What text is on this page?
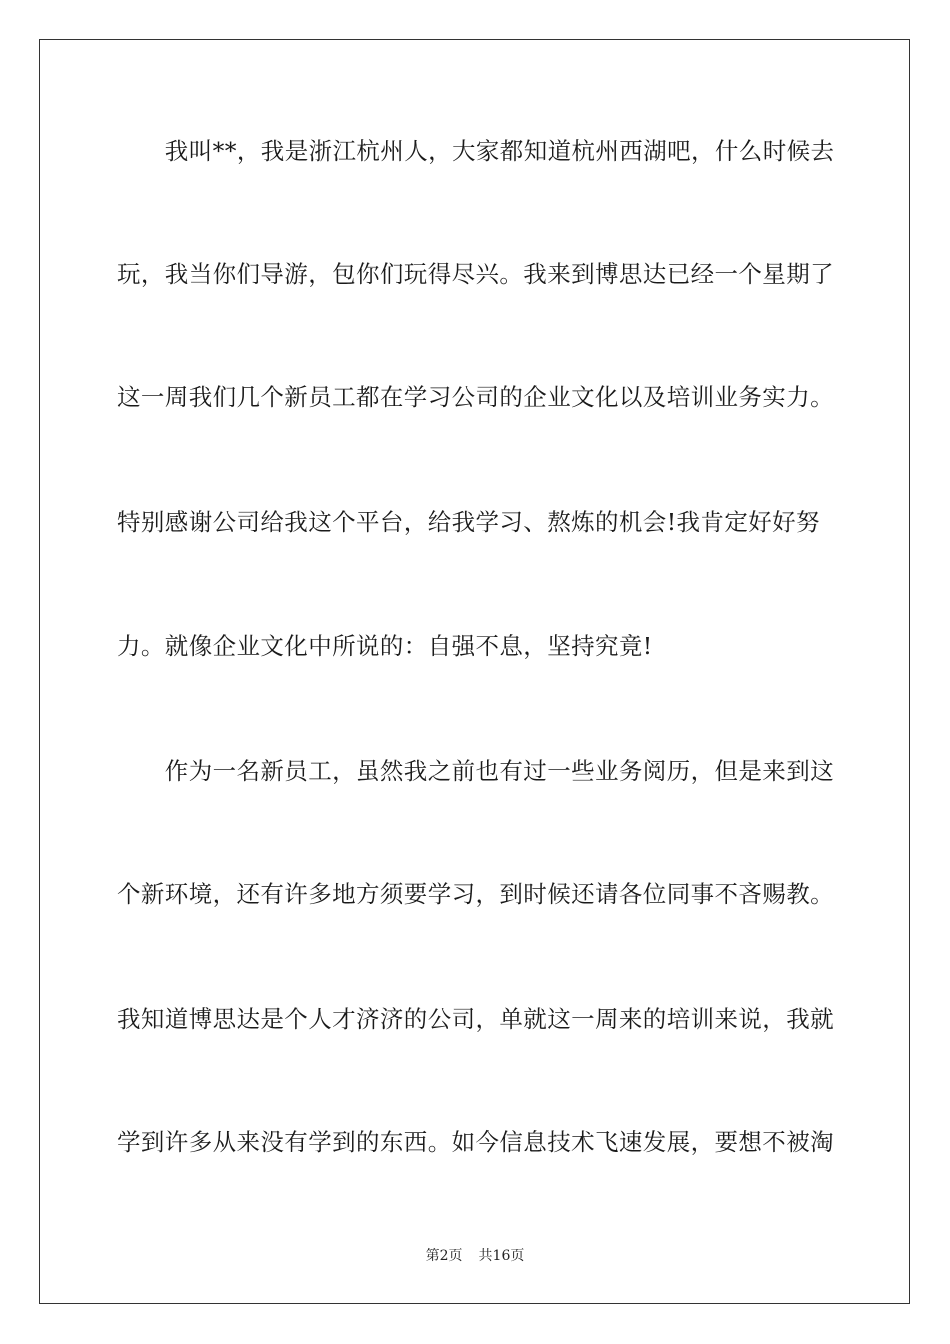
　　我叫**，我是浙江杭州人，大家都知道杭州西湖吧，什么时候去
玩，我当你们导游，包你们玩得尽兴。我来到博思达已经一个星期了
这一周我们几个新员工都在学习公司的企业文化以及培训业务实力。
特别感谢公司给我这个平台，给我学习、熬炼的机会!我肯定好好努
力。就像企业文化中所说的：自强不息，坚持究竟!
　　作为一名新员工，虽然我之前也有过一些业务阅历，但是来到这
个新环境，还有许多地方须要学习，到时候还请各位同事不吝赐教。
我知道博思达是个人才济济的公司，单就这一周来的培训来说，我就
学到许多从来没有学到的东西。如今信息技术飞速发展，要想不被淘
第2页 共16页
